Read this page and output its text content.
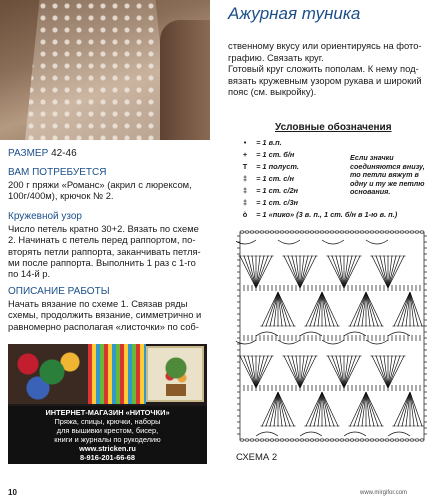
Ажурная туника
ственному вкусу или ориентируясь на фото-
графию. Связать круг.
Готовый круг сложить пополам. К нему под-
вязать кружевным узором рукава и широкий
пояс (см. выкройку).
РАЗМЕР 42-46
ВАМ ПОТРЕБУЕТСЯ
200 г пряжи «Романс» (акрил с люрексом,
100г/400м), крючок № 2.
Кружевной узор
Число петель кратно 30+2. Вязать по схеме
2. Начинать с петель перед раппортом, по-
вторять петли раппорта, заканчивать петля-
ми после раппорта. Выполнить 1 раз с 1-го
по 14-й р.
ОПИСАНИЕ РАБОТЫ
Начать вязание по схеме 1. Связав ряды
схемы, продолжить вязание, симметрично и
равномерно располагая «листочки» по соб-
Условные обозначения
• = 1 в.п.
+ = 1 ст. б/н
T = 1 полуст.
‡ = 1 ст. с/н
‡ = 1 ст. с/2н
‡ = 1 ст. с/3н
ò = 1 «пико» (3 в. п., 1 ст. б/н в 1-ю в. п.)
Если значки соединяются внизу, то петли вяжут в одну и ту же петлю основания.
СХЕМА 2
ИНТЕРНЕТ-МАГАЗИН «НИТОЧКИ»
Пряжа, спицы, крючки, наборы
для вышивки крестом, бисер,
книги и журналы по рукоделию
www.stricken.ru
8-916-201-66-68
10	www.mirgifor.com
